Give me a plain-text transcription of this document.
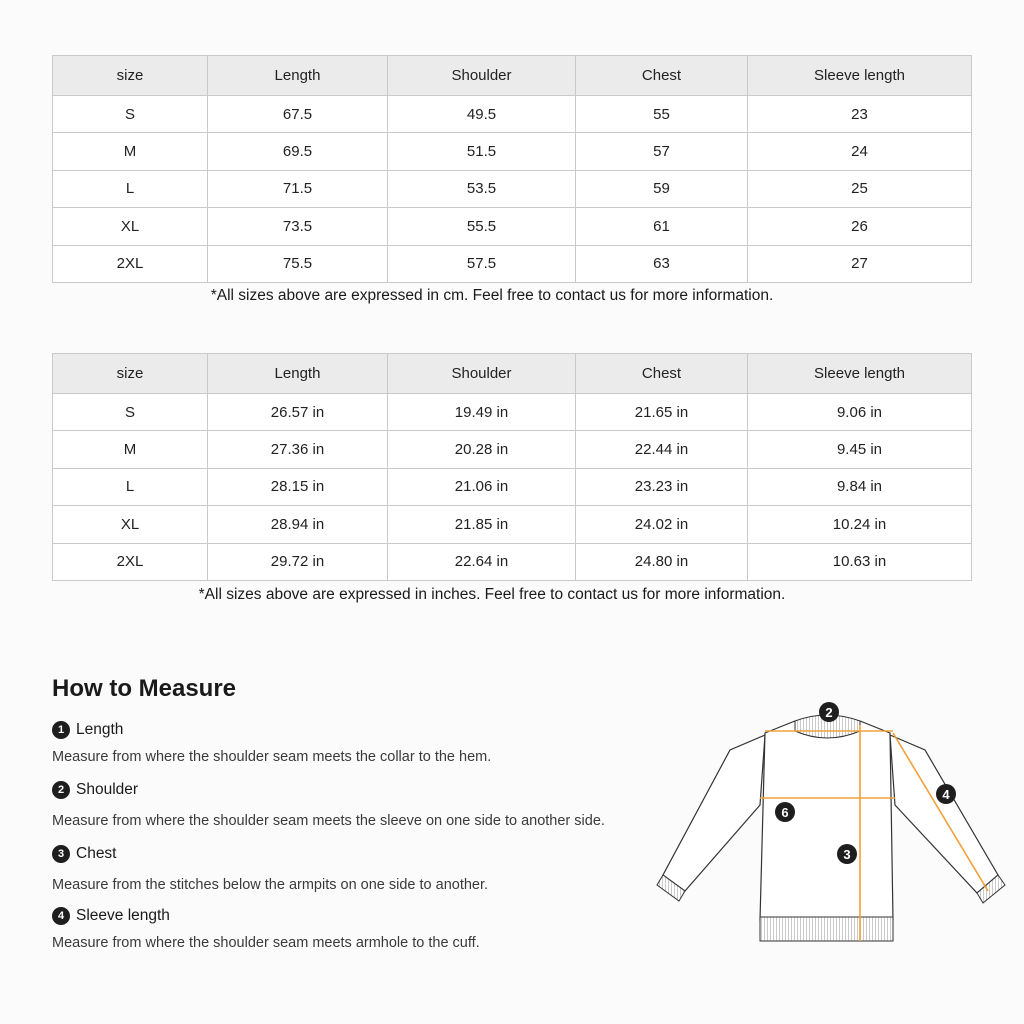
size	Length	Shoulder	Chest	Sleeve length
S	67.5	49.5	55	23
M	69.5	51.5	57	24
L	71.5	53.5	59	25
XL	73.5	55.5	61	26
2XL	75.5	57.5	63	27
*All sizes above are expressed in cm. Feel free to contact us for more information.
size	Length	Shoulder	Chest	Sleeve length
S	26.57 in	19.49 in	21.65 in	9.06 in
M	27.36 in	20.28 in	22.44 in	9.45 in
L	28.15 in	21.06 in	23.23 in	9.84 in
XL	28.94 in	21.85 in	24.02 in	10.24 in
2XL	29.72 in	22.64 in	24.80 in	10.63 in
*All sizes above are expressed in inches. Feel free to contact us for more information.
How to Measure
1 Length
Measure from where the shoulder seam meets the collar to the hem.
2 Shoulder
Measure from where the shoulder seam meets the sleeve on one side to another side.
3 Chest
Measure from the stitches below the armpits on one side to another.
4 Sleeve length
Measure from where the shoulder seam meets armhole to the cuff.
2
4
6
3
